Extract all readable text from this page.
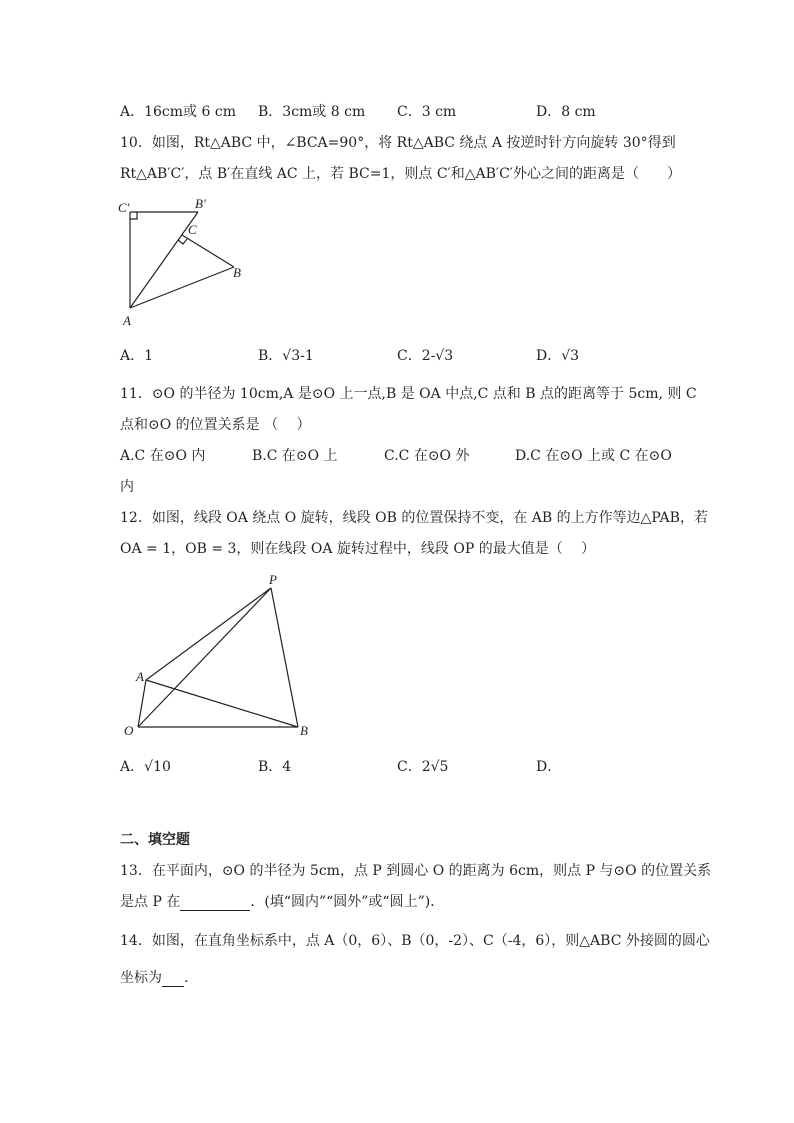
A．16cm或 6 cm B．3cm或 8 cm C．3 cm	D．8 cm
10．如图，Rt△ABC 中，∠BCA=90°，将 Rt△ABC 绕点 A 按逆时针方向旋转 30°得到
Rt△AB′C′，点 B′在直线 AC 上，若 BC=1，则点 C′和△AB′C′外心之间的距离是（　　）
C′	B′
C
B
A
A．1	B．√3-1	C．2-√3	D．√3
11．⊙O 的半径为 10cm,A 是⊙O 上一点,B 是 OA 中点,C 点和 B 点的距离等于 5cm, 则 C
点和⊙O 的位置关系是 （　 ）
A.C 在⊙O 内	B.C 在⊙O 上	C.C 在⊙O 外	D.C 在⊙O 上或 C 在⊙O
内
12．如图，线段 OA 绕点 O 旋转，线段 OB 的位置保持不变，在 AB 的上方作等边△PAB，若
OA = 1，OB = 3，则在线段 OA 旋转过程中，线段 OP 的最大值是（　 ）
P
A
O	B
A．√10	B．4	C．2√5	D．
二、填空题
13．在平面内，⊙O 的半径为 5cm，点 P 到圆心 O 的距离为 6cm，则点 P 与⊙O 的位置关系
是点 P 在	．(填“圆内”“圆外”或“圆上”)．
14．如图，在直角坐标系中，点 A（0，6）、B（0，-2）、C（-4，6），则△ABC 外接圆的圆心
坐标为 .
